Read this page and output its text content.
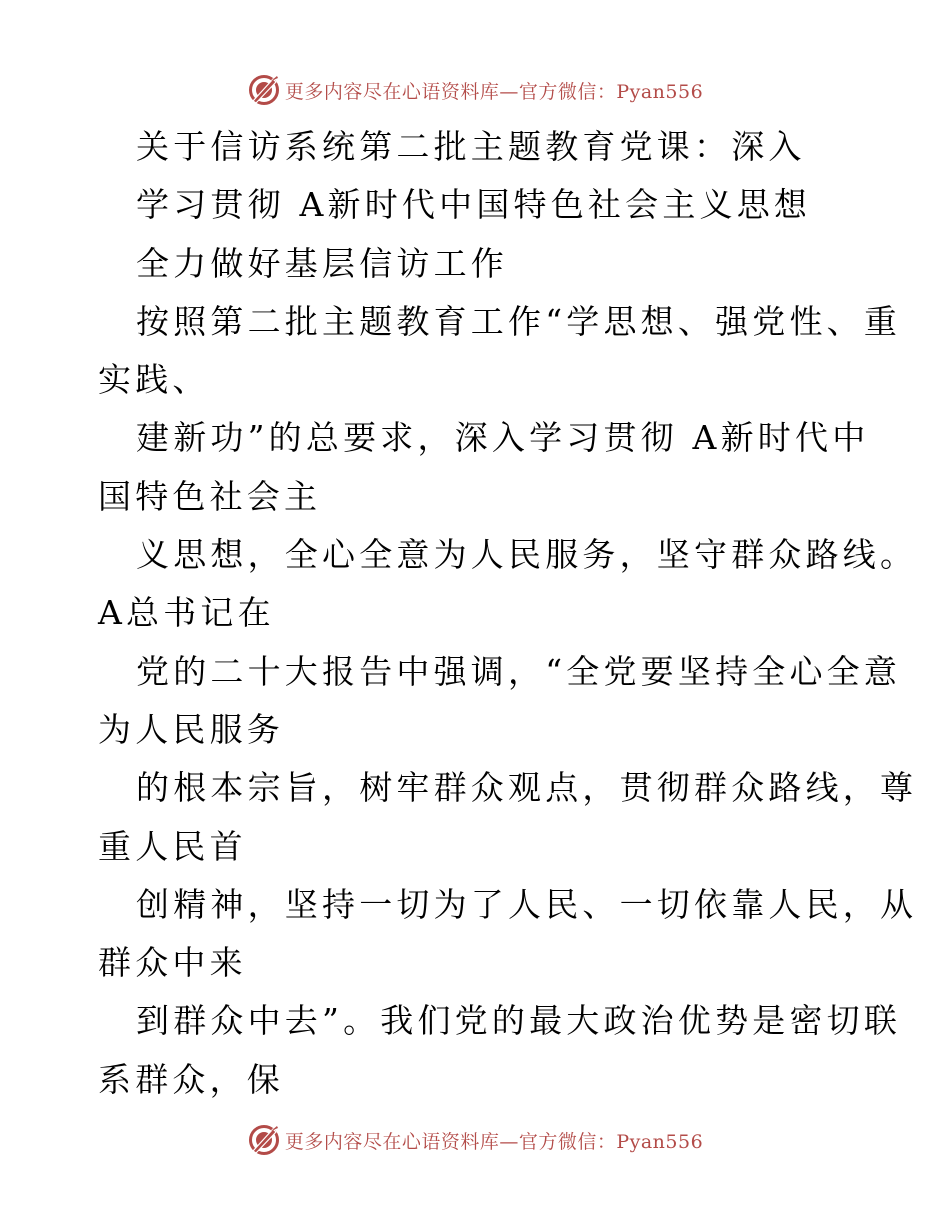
更多内容尽在心语资料库—官方微信：Pyan556
关于信访系统第二批主题教育党课：深入
学习贯彻 A新时代中国特色社会主义思想
全力做好基层信访工作
按照第二批主题教育工作“学思想、强党性、重
实践、
建新功”的总要求，深入学习贯彻 A新时代中
国特色社会主
义思想，全心全意为人民服务，坚守群众路线。
A总书记在
党的二十大报告中强调，“全党要坚持全心全意
为人民服务
的根本宗旨，树牢群众观点，贯彻群众路线，尊
重人民首
创精神，坚持一切为了人民、一切依靠人民，从
群众中来
到群众中去”。我们党的最大政治优势是密切联
系群众，保
更多内容尽在心语资料库—官方微信：Pyan556
